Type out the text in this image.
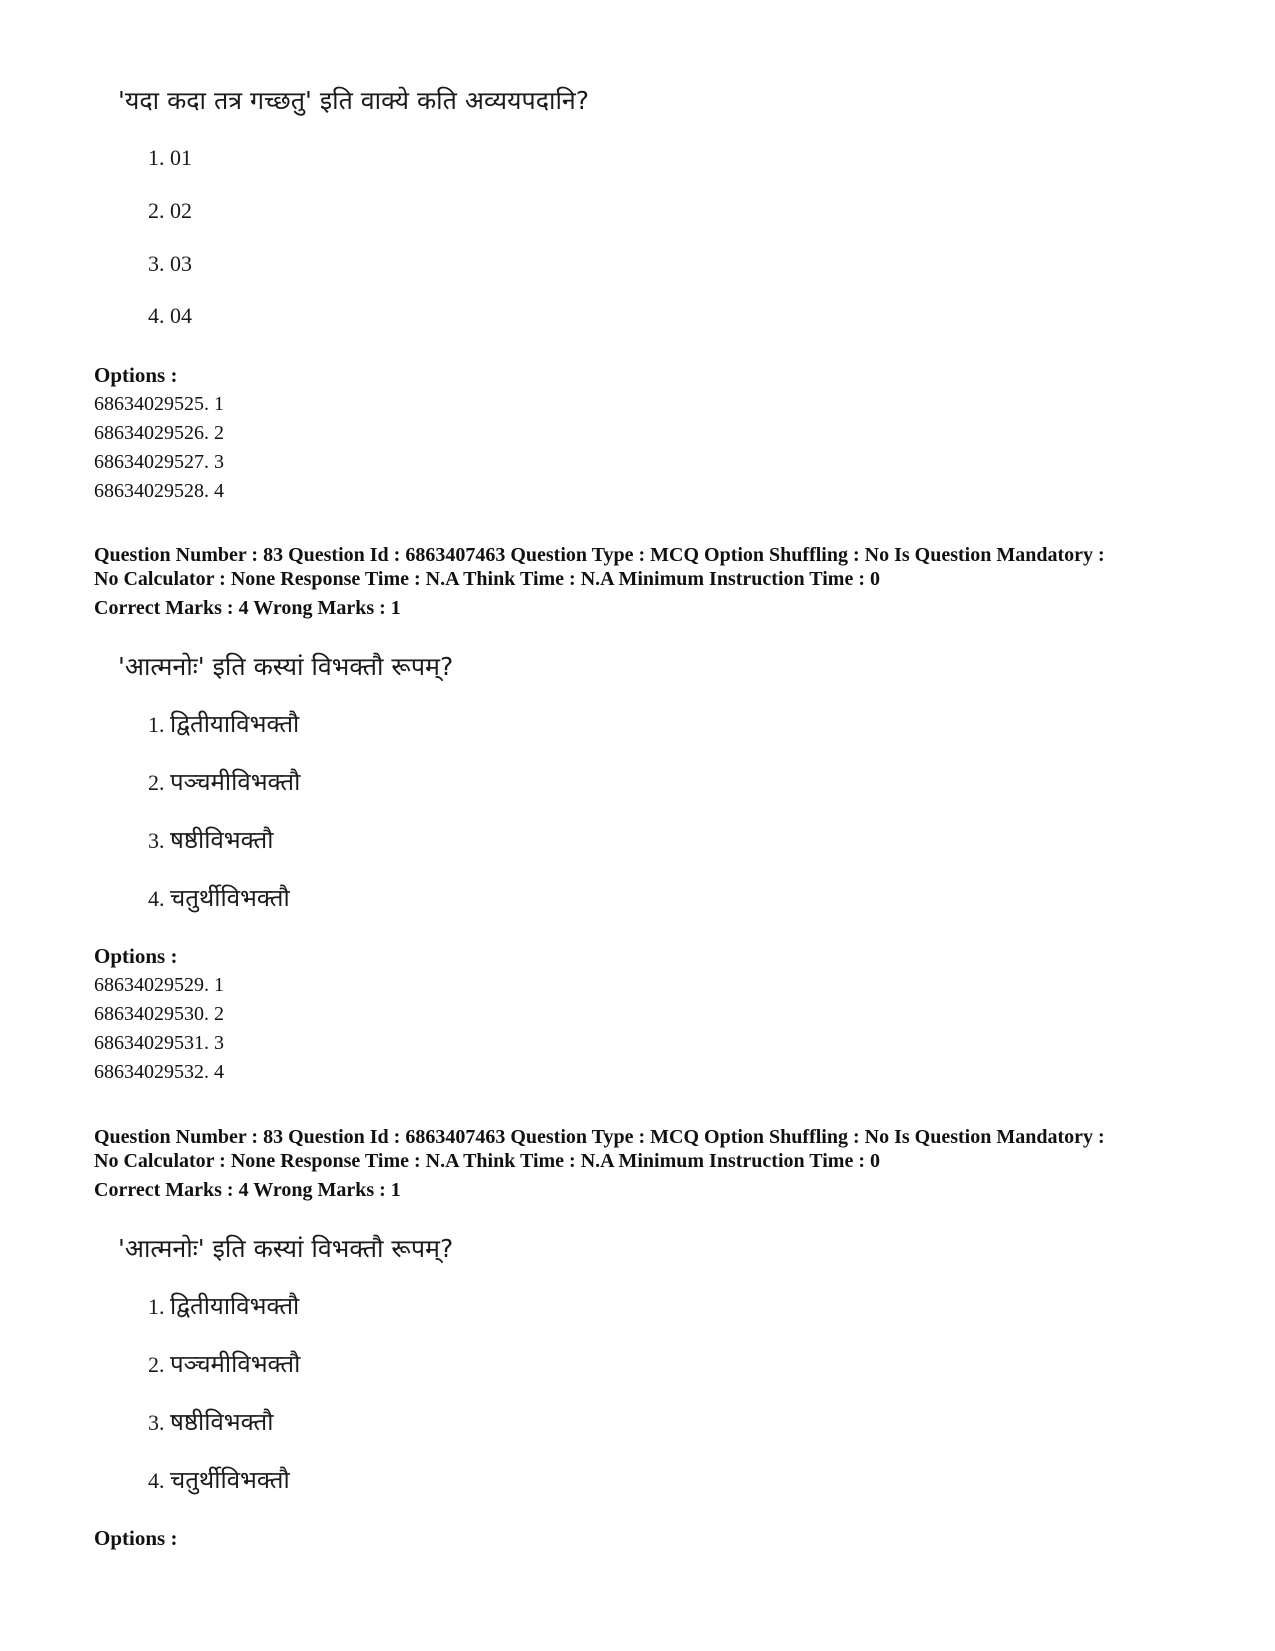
'यदा कदा तत्र गच्छतु' इति वाक्ये कति अव्ययपदानि?
1. 01
2. 02
3. 03
4. 04
Options :
68634029525. 1
68634029526. 2
68634029527. 3
68634029528. 4
Question Number : 83 Question Id : 6863407463 Question Type : MCQ Option Shuffling : No Is Question Mandatory :
No Calculator : None Response Time : N.A Think Time : N.A Minimum Instruction Time : 0
Correct Marks : 4 Wrong Marks : 1
'आत्मनोः' इति कस्यां विभक्तौ रूपम्?
1. द्वितीयाविभक्तौ
2. पञ्चमीविभक्तौ
3. षष्ठीविभक्तौ
4. चतुर्थीविभक्तौ
Options :
68634029529. 1
68634029530. 2
68634029531. 3
68634029532. 4
Question Number : 83 Question Id : 6863407463 Question Type : MCQ Option Shuffling : No Is Question Mandatory :
No Calculator : None Response Time : N.A Think Time : N.A Minimum Instruction Time : 0
Correct Marks : 4 Wrong Marks : 1
'आत्मनोः' इति कस्यां विभक्तौ रूपम्?
1. द्वितीयाविभक्तौ
2. पञ्चमीविभक्तौ
3. षष्ठीविभक्तौ
4. चतुर्थीविभक्तौ
Options :
